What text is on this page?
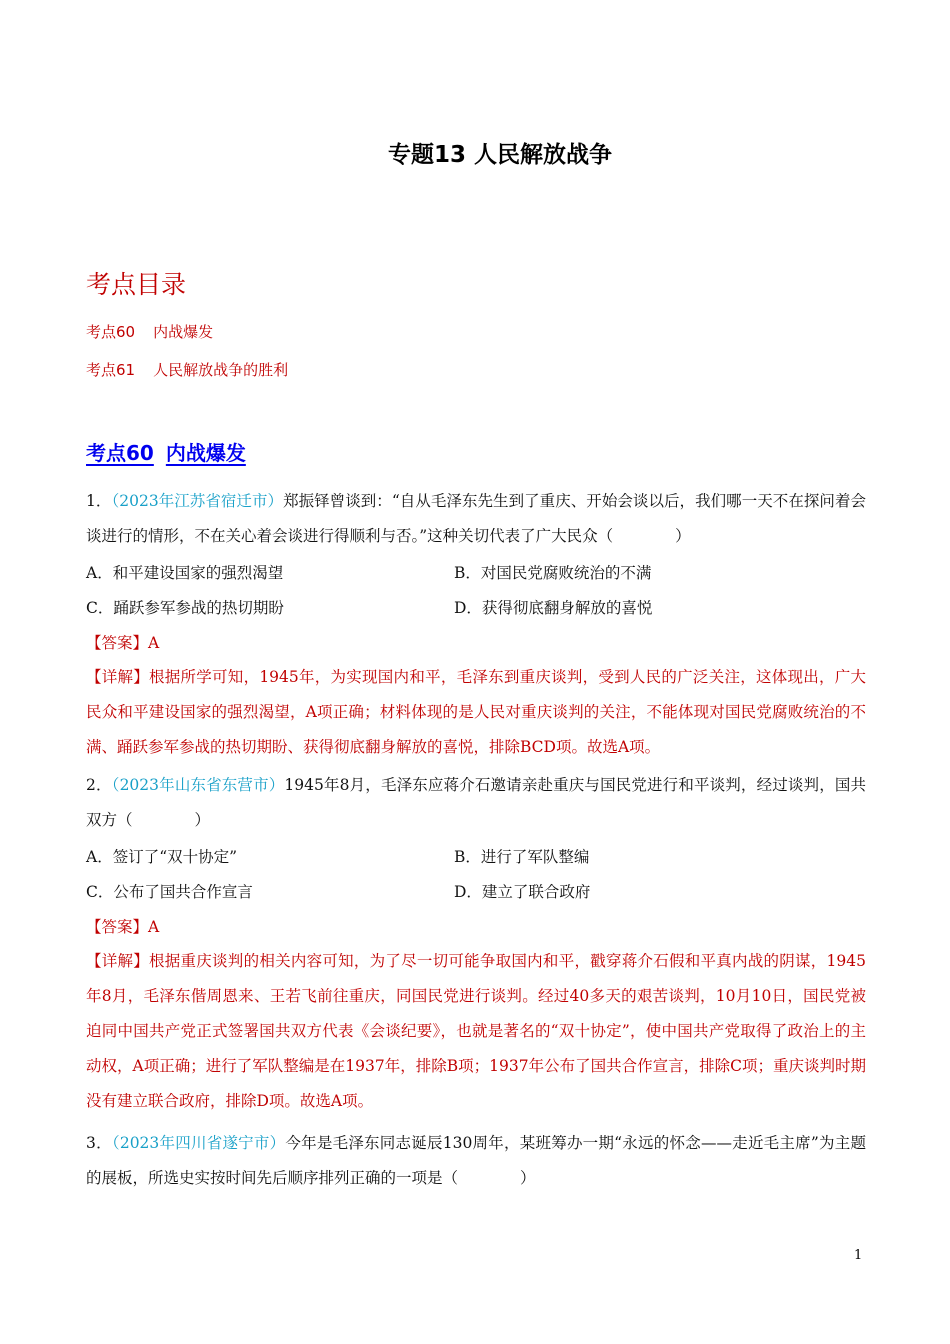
专题13 人民解放战争
考点目录
考点60 内战爆发
考点61 人民解放战争的胜利
考点60 内战爆发
1．（2023年江苏省宿迁市）郑振铎曾谈到：“自从毛泽东先生到了重庆、开始会谈以后，我们哪一天不在探问着会谈进行的情形，不在关心着会谈进行得顺利与否。”这种关切代表了广大民众（　　　　）
A．和平建设国家的强烈渴望	B．对国民党腐败统治的不满
C．踊跃参军参战的热切期盼	D．获得彻底翻身解放的喜悦
【答案】A
【详解】根据所学可知，1945年，为实现国内和平，毛泽东到重庆谈判，受到人民的广泛关注，这体现出，广大民众和平建设国家的强烈渴望，A项正确；材料体现的是人民对重庆谈判的关注，不能体现对国民党腐败统治的不满、踊跃参军参战的热切期盼、获得彻底翻身解放的喜悦，排除BCD项。故选A项。
2．（2023年山东省东营市）1945年8月，毛泽东应蒋介石邀请亲赴重庆与国民党进行和平谈判，经过谈判，国共双方（　　　　）
A．签订了“双十协定”	B．进行了军队整编
C．公布了国共合作宣言	D．建立了联合政府
【答案】A
【详解】根据重庆谈判的相关内容可知，为了尽一切可能争取国内和平，戳穿蒋介石假和平真内战的阴谋，1945年8月，毛泽东偕周恩来、王若飞前往重庆，同国民党进行谈判。经过40多天的艰苦谈判，10月10日，国民党被迫同中国共产党正式签署国共双方代表《会谈纪要》，也就是著名的“双十协定”，使中国共产党取得了政治上的主动权，A项正确；进行了军队整编是在1937年，排除B项；1937年公布了国共合作宣言，排除C项；重庆谈判时期没有建立联合政府，排除D项。故选A项。
3．（2023年四川省遂宁市）今年是毛泽东同志诞辰130周年，某班筹办一期“永远的怀念——走近毛主席”为主题的展板，所选史实按时间先后顺序排列正确的一项是（　　　　）
1
